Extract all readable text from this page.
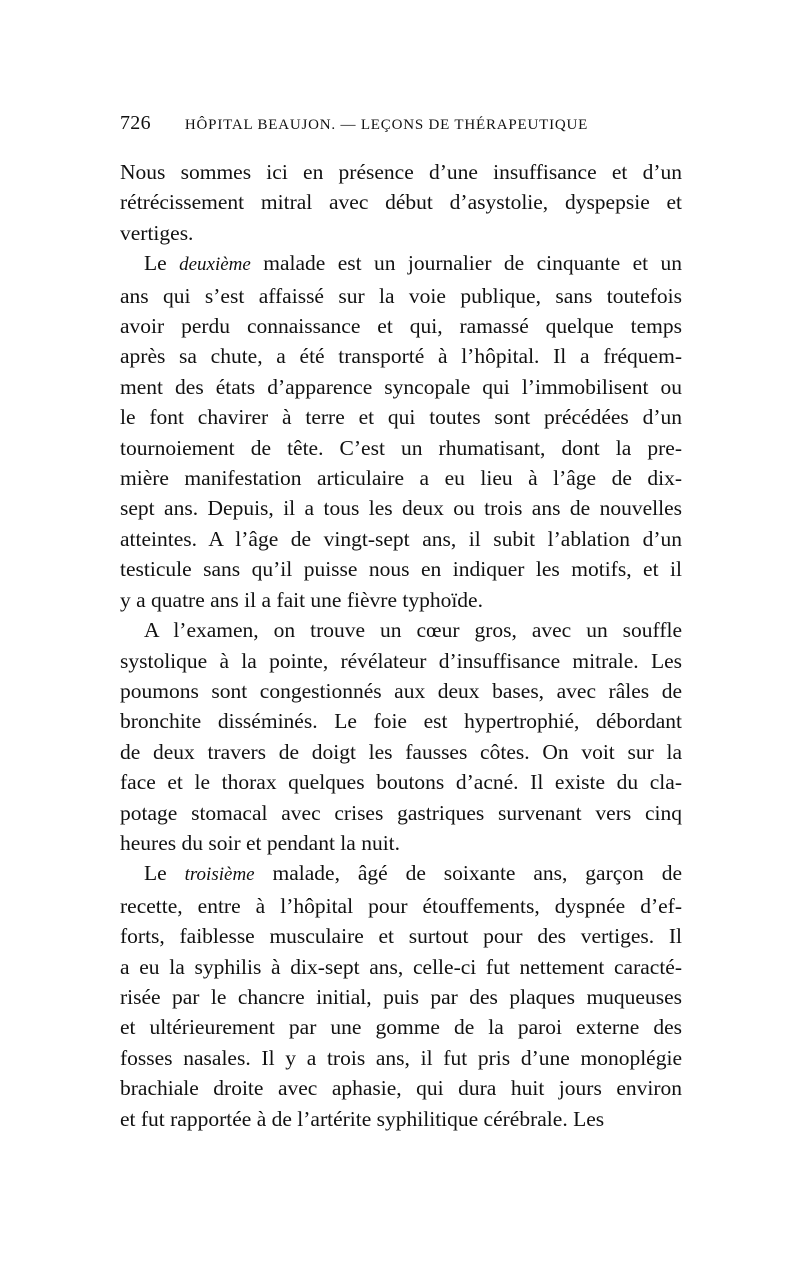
726 HÔPITAL BEAUJON. — LEÇONS DE THÉRAPEUTIQUE
Nous sommes ici en présence d’une insuffisance et d’un
rétrécissement mitral avec début d’asystolie, dyspepsie et
vertiges.
Le deuxième malade est un journalier de cinquante et un
ans qui s’est affaissé sur la voie publique, sans toutefois
avoir perdu connaissance et qui, ramassé quelque temps
après sa chute, a été transporté à l’hôpital. Il a fréquem-
ment des états d’apparence syncopale qui l’immobilisent ou
le font chavirer à terre et qui toutes sont précédées d’un
tournoiement de tête. C’est un rhumatisant, dont la pre-
mière manifestation articulaire a eu lieu à l’âge de dix-
sept ans. Depuis, il a tous les deux ou trois ans de nouvelles
atteintes. A l’âge de vingt-sept ans, il subit l’ablation d’un
testicule sans qu’il puisse nous en indiquer les motifs, et il
y a quatre ans il a fait une fièvre typhoïde.
A l’examen, on trouve un cœur gros, avec un souffle
systolique à la pointe, révélateur d’insuffisance mitrale. Les
poumons sont congestionnés aux deux bases, avec râles de
bronchite disséminés. Le foie est hypertrophié, débordant
de deux travers de doigt les fausses côtes. On voit sur la
face et le thorax quelques boutons d’acné. Il existe du cla-
potage stomacal avec crises gastriques survenant vers cinq
heures du soir et pendant la nuit.
Le troisième malade, âgé de soixante ans, garçon de
recette, entre à l’hôpital pour étouffements, dyspnée d’ef-
forts, faiblesse musculaire et surtout pour des vertiges. Il
a eu la syphilis à dix-sept ans, celle-ci fut nettement caracté-
risée par le chancre initial, puis par des plaques muqueuses
et ultérieurement par une gomme de la paroi externe des
fosses nasales. Il y a trois ans, il fut pris d’une monoplégie
brachiale droite avec aphasie, qui dura huit jours environ
et fut rapportée à de l’artérite syphilitique cérébrale. Les
